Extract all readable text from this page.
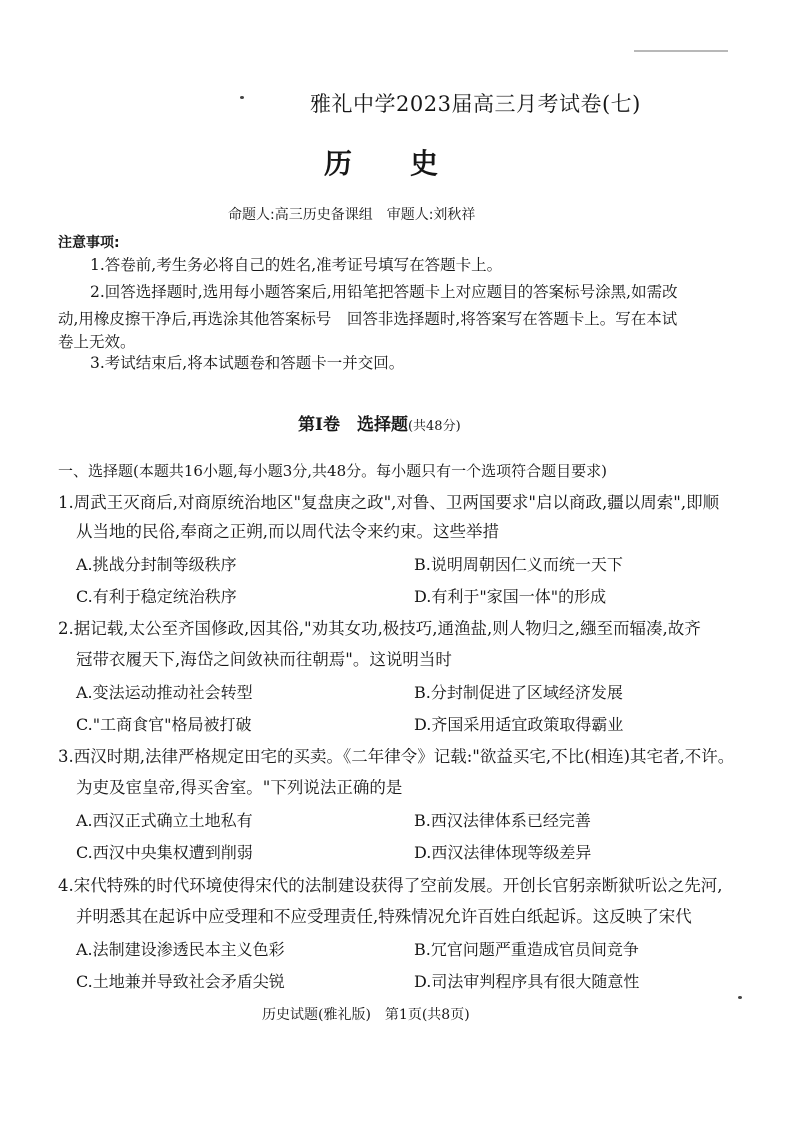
雅礼中学2023届高三月考试卷(七)
历 史
命题人:高三历史备课组　审题人:刘秋祥
注意事项:
1.答卷前,考生务必将自己的姓名,准考证号填写在答题卡上。
2.回答选择题时,选用每小题答案后,用铅笔把答题卡上对应题目的答案标号涂黑,如需改
动,用橡皮擦干净后,再选涂其他答案标号　回答非选择题时,将答案写在答题卡上。写在本试
卷上无效。
3.考试结束后,将本试题卷和答题卡一并交回。
第Ⅰ卷　选择题(共48分)
一、选择题(本题共16小题,每小题3分,共48分。每小题只有一个选项符合题目要求)
1.周武王灭商后,对商原统治地区"复盘庚之政",对鲁、卫两国要求"启以商政,疆以周索",即顺
从当地的民俗,奉商之正朔,而以周代法令来约束。这些举措
A.挑战分封制等级秩序	B.说明周朝因仁义而统一天下
C.有利于稳定统治秩序	D.有利于"家国一体"的形成
2.据记载,太公至齐国修政,因其俗,"劝其女功,极技巧,通渔盐,则人物归之,繦至而辐凑,故齐
冠带衣履天下,海岱之间敛袂而往朝焉"。这说明当时
A.变法运动推动社会转型	B.分封制促进了区域经济发展
C."工商食官"格局被打破	D.齐国采用适宜政策取得霸业
3.西汉时期,法律严格规定田宅的买卖。《二年律令》记载:"欲益买宅,不比(相连)其宅者,不许。
为吏及宦皇帝,得买舍室。"下列说法正确的是
A.西汉正式确立土地私有	B.西汉法律体系已经完善
C.西汉中央集权遭到削弱	D.西汉法律体现等级差异
4.宋代特殊的时代环境使得宋代的法制建设获得了空前发展。开创长官躬亲断狱听讼之先河,
并明悉其在起诉中应受理和不应受理责任,特殊情况允许百姓白纸起诉。这反映了宋代
A.法制建设渗透民本主义色彩	B.冗官问题严重造成官员间竞争
C.土地兼并导致社会矛盾尖锐	D.司法审判程序具有很大随意性
历史试题(雅礼版)　第1页(共8页)
